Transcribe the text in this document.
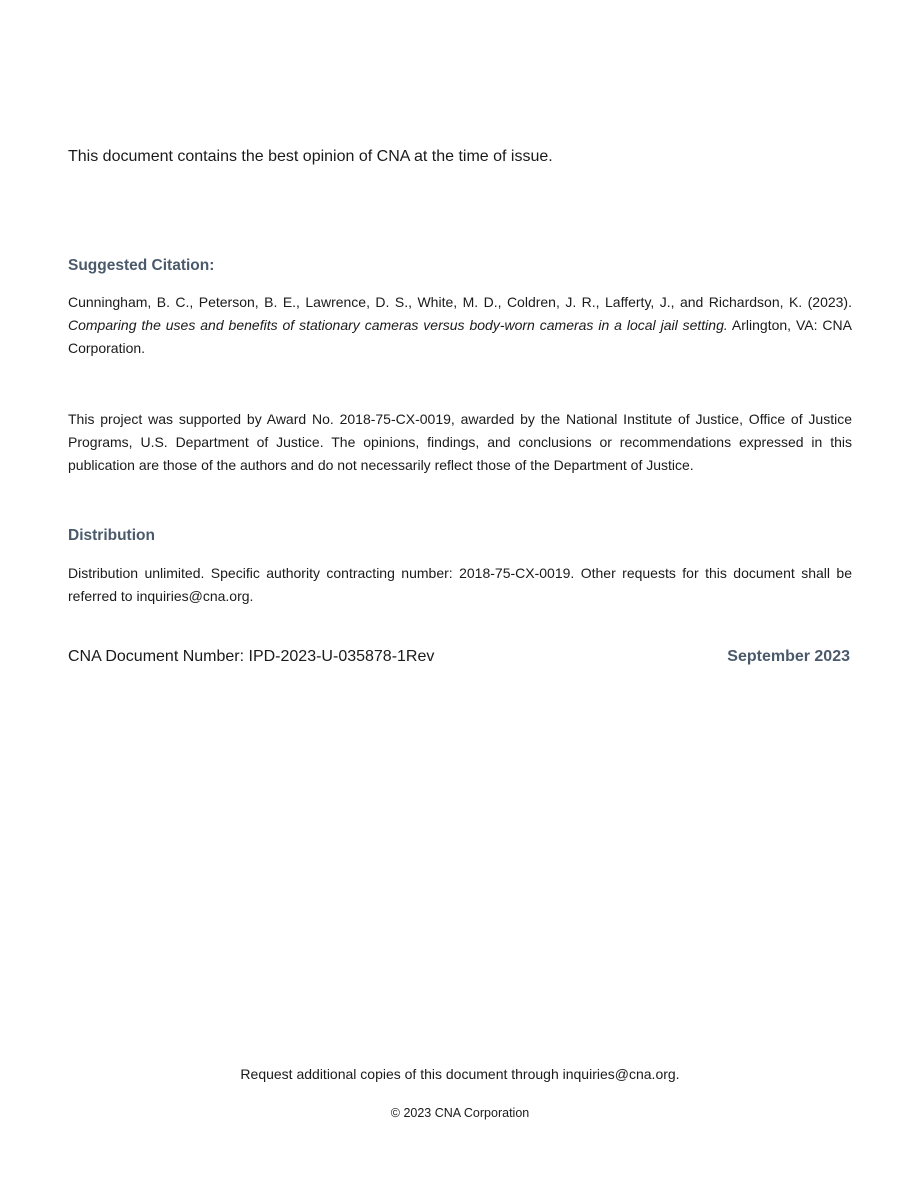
This document contains the best opinion of CNA at the time of issue.

Suggested Citation:

Cunningham, B. C., Peterson, B. E., Lawrence, D. S., White, M. D., Coldren, J. R., Lafferty, J., and Richardson, K. (2023). Comparing the uses and benefits of stationary cameras versus body-worn cameras in a local jail setting. Arlington, VA: CNA Corporation.

This project was supported by Award No. 2018-75-CX-0019, awarded by the National Institute of Justice, Office of Justice Programs, U.S. Department of Justice. The opinions, findings, and conclusions or recommendations expressed in this publication are those of the authors and do not necessarily reflect those of the Department of Justice.

Distribution

Distribution unlimited. Specific authority contracting number: 2018-75-CX-0019. Other requests for this document shall be referred to inquiries@cna.org.

CNA Document Number: IPD-2023-U-035878-1Rev	September 2023

Request additional copies of this document through inquiries@cna.org.

© 2023 CNA Corporation
